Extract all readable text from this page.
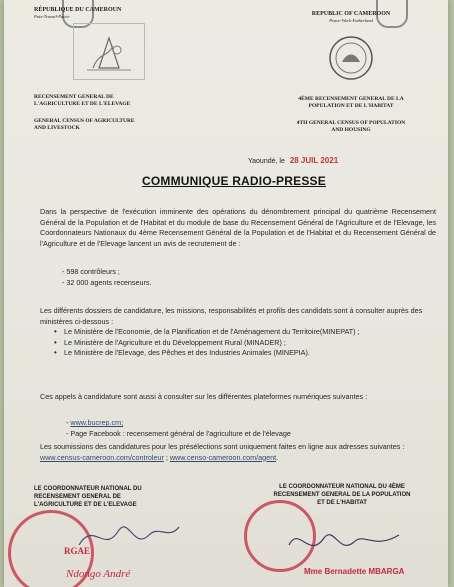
RÉPUBLIQUE DU CAMEROUN
Paix-Travail-Patrie
RECENSEMENT GENERAL DE
L'AGRICULTURE ET DE L'ELEVAGE
GENERAL CENSUS OF AGRICULTURE
AND LIVESTOCK
REPUBLIC OF CAMEROON
Peace-Work-Fatherland
4ÈME RECENSEMENT GENERAL DE LA
POPULATION ET DE L'HABITAT
4TH GENERAL CENSUS OF POPULATION
AND HOUSING
Yaoundé, le 28 JUIL 2021
COMMUNIQUE RADIO-PRESSE
Dans la perspective de l'exécution imminente des opérations du dénombrement principal du quatrième Recensement Général de la Population et de l'Habitat et du module de base du Recensement Général de l'Agriculture et de l'Elevage, les Coordonnateurs Nationaux du 4ème Recensement Général de la Population et de l'Habitat et du Recensement Général de l'Agriculture et de l'Elevage lancent un avis de recrutement de :
- 598 contrôleurs ;
- 32 000 agents recenseurs.
Les différents dossiers de candidature, les missions, responsabilités et profils des candidats sont à consulter auprès des ministères ci-dessous :
• Le Ministère de l'Economie, de la Planification et de l'Aménagement du Territoire(MINEPAT) ;
• Le Ministère de l'Agriculture et du Développement Rural (MINADER) ;
• Le Ministère de l'Elevage, des Pêches et des Industries Animales (MINEPIA).
Ces appels à candidature sont aussi à consulter sur les différentes plateformes numériques suivantes :
- www.bucrep.cm;
- Page Facebook : recensement général de l'agriculture et de l'élevage
Les soumissions des candidatures pour les présélections sont uniquement faites en ligne aux adresses suivantes : www.census-cameroon.com/controleur ; www.censo-cameroon.com/agent.
LE COORDONNATEUR NATIONAL DU
RECENSEMENT GENERAL DE
L'AGRICULTURE ET DE L'ELEVAGE
LE COORDONNATEUR NATIONAL DU 4ÈME
RECENSEMENT GENERAL DE LA POPULATION
ET DE L'HABITAT
RGAE
Ndongo André	Mme Bernadette MBARGA
